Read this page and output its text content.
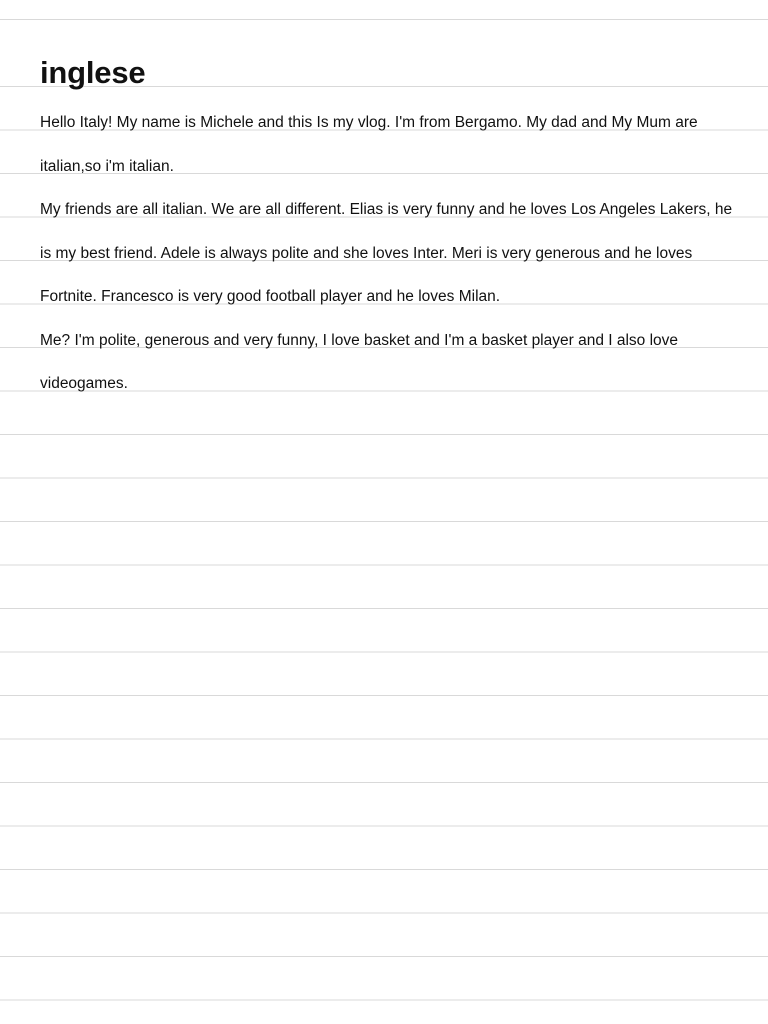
inglese

Hello Italy! My name is Michele and this Is my vlog. I'm from Bergamo. My dad and My Mum are italian,so i'm italian.

My friends are all italian. We are all different. Elias is very funny and he loves Los Angeles Lakers, he is my best friend. Adele is always polite and she loves Inter. Meri is very generous and he loves Fortnite. Francesco is very good football player and he loves Milan.

Me? I'm polite, generous and very funny, I love basket and I'm a basket player and I also love videogames.
